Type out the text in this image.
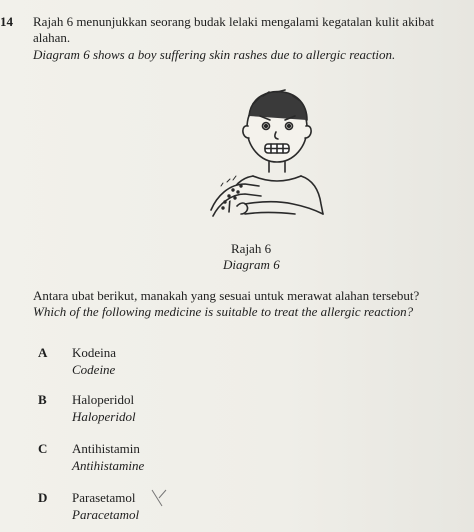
14 Rajah 6 menunjukkan seorang budak lelaki mengalami kegatalan kulit akibat
alahan.
Diagram 6 shows a boy suffering skin rashes due to allergic reaction.
Rajah 6
Diagram 6
Antara ubat berikut, manakah yang sesuai untuk merawat alahan tersebut?
Which of the following medicine is suitable to treat the allergic reaction?
A Kodeina
Codeine
B Haloperidol
Haloperidol
C Antihistamin
Antihistamine
D Parasetamol
Paracetamol
